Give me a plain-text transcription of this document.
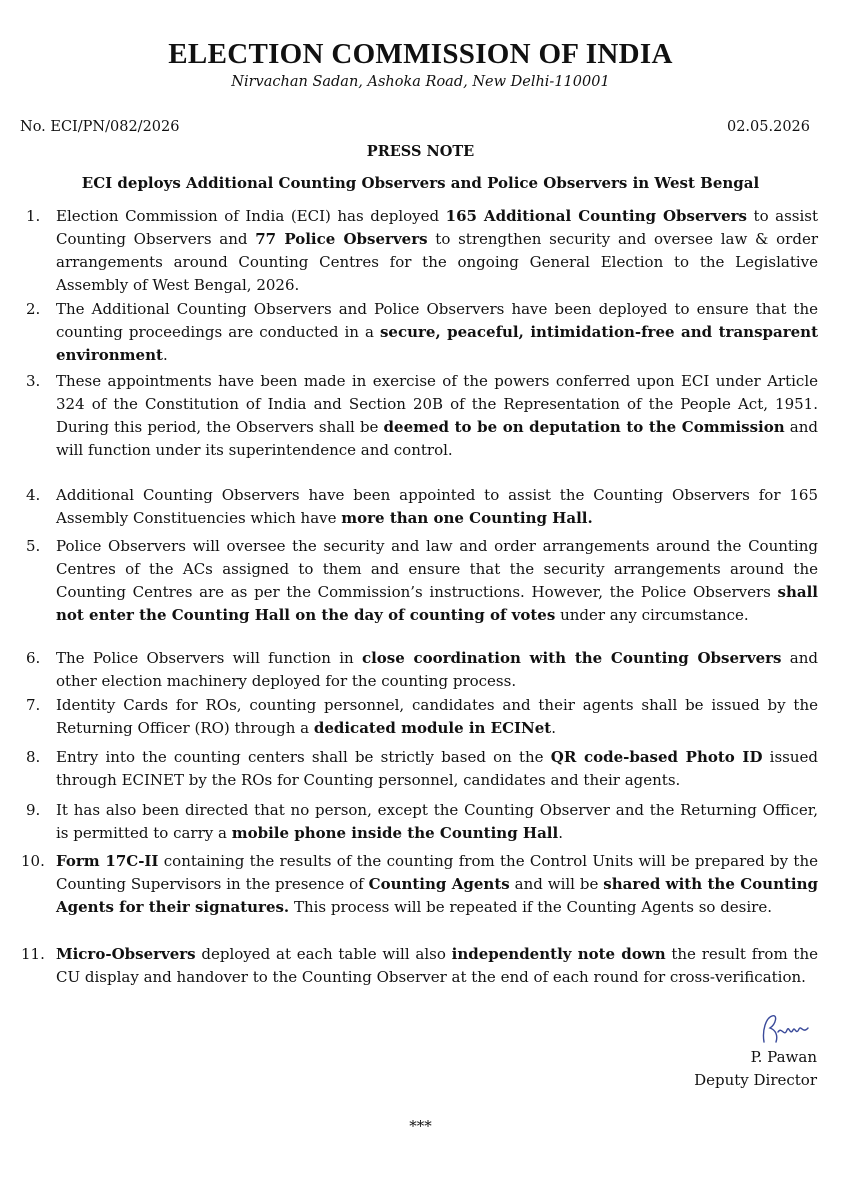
ELECTION COMMISSION OF INDIA
Nirvachan Sadan, Ashoka Road, New Delhi-110001
No. ECI/PN/082/2026	02.05.2026
PRESS NOTE
ECI deploys Additional Counting Observers and Police Observers in West Bengal
1. Election Commission of India (ECI) has deployed 165 Additional Counting Observers to assist Counting Observers and 77 Police Observers to strengthen security and oversee law & order arrangements around Counting Centres for the ongoing General Election to the Legislative Assembly of West Bengal, 2026.
2. The Additional Counting Observers and Police Observers have been deployed to ensure that the counting proceedings are conducted in a secure, peaceful, intimidation-free and transparent environment.
3. These appointments have been made in exercise of the powers conferred upon ECI under Article 324 of the Constitution of India and Section 20B of the Representation of the People Act, 1951. During this period, the Observers shall be deemed to be on deputation to the Commission and will function under its superintendence and control.
4. Additional Counting Observers have been appointed to assist the Counting Observers for 165 Assembly Constituencies which have more than one Counting Hall.
5. Police Observers will oversee the security and law and order arrangements around the Counting Centres of the ACs assigned to them and ensure that the security arrangements around the Counting Centres are as per the Commission’s instructions. However, the Police Observers shall not enter the Counting Hall on the day of counting of votes under any circumstance.
6. The Police Observers will function in close coordination with the Counting Observers and other election machinery deployed for the counting process.
7. Identity Cards for ROs, counting personnel, candidates and their agents shall be issued by the Returning Officer (RO) through a dedicated module in ECINet.
8. Entry into the counting centers shall be strictly based on the QR code-based Photo ID issued through ECINET by the ROs for Counting personnel, candidates and their agents.
9. It has also been directed that no person, except the Counting Observer and the Returning Officer, is permitted to carry a mobile phone inside the Counting Hall.
10. Form 17C-II containing the results of the counting from the Control Units will be prepared by the Counting Supervisors in the presence of Counting Agents and will be shared with the Counting Agents for their signatures. This process will be repeated if the Counting Agents so desire.
11. Micro-Observers deployed at each table will also independently note down the result from the CU display and handover to the Counting Observer at the end of each round for cross-verification.
P. Pawan
Deputy Director
***
